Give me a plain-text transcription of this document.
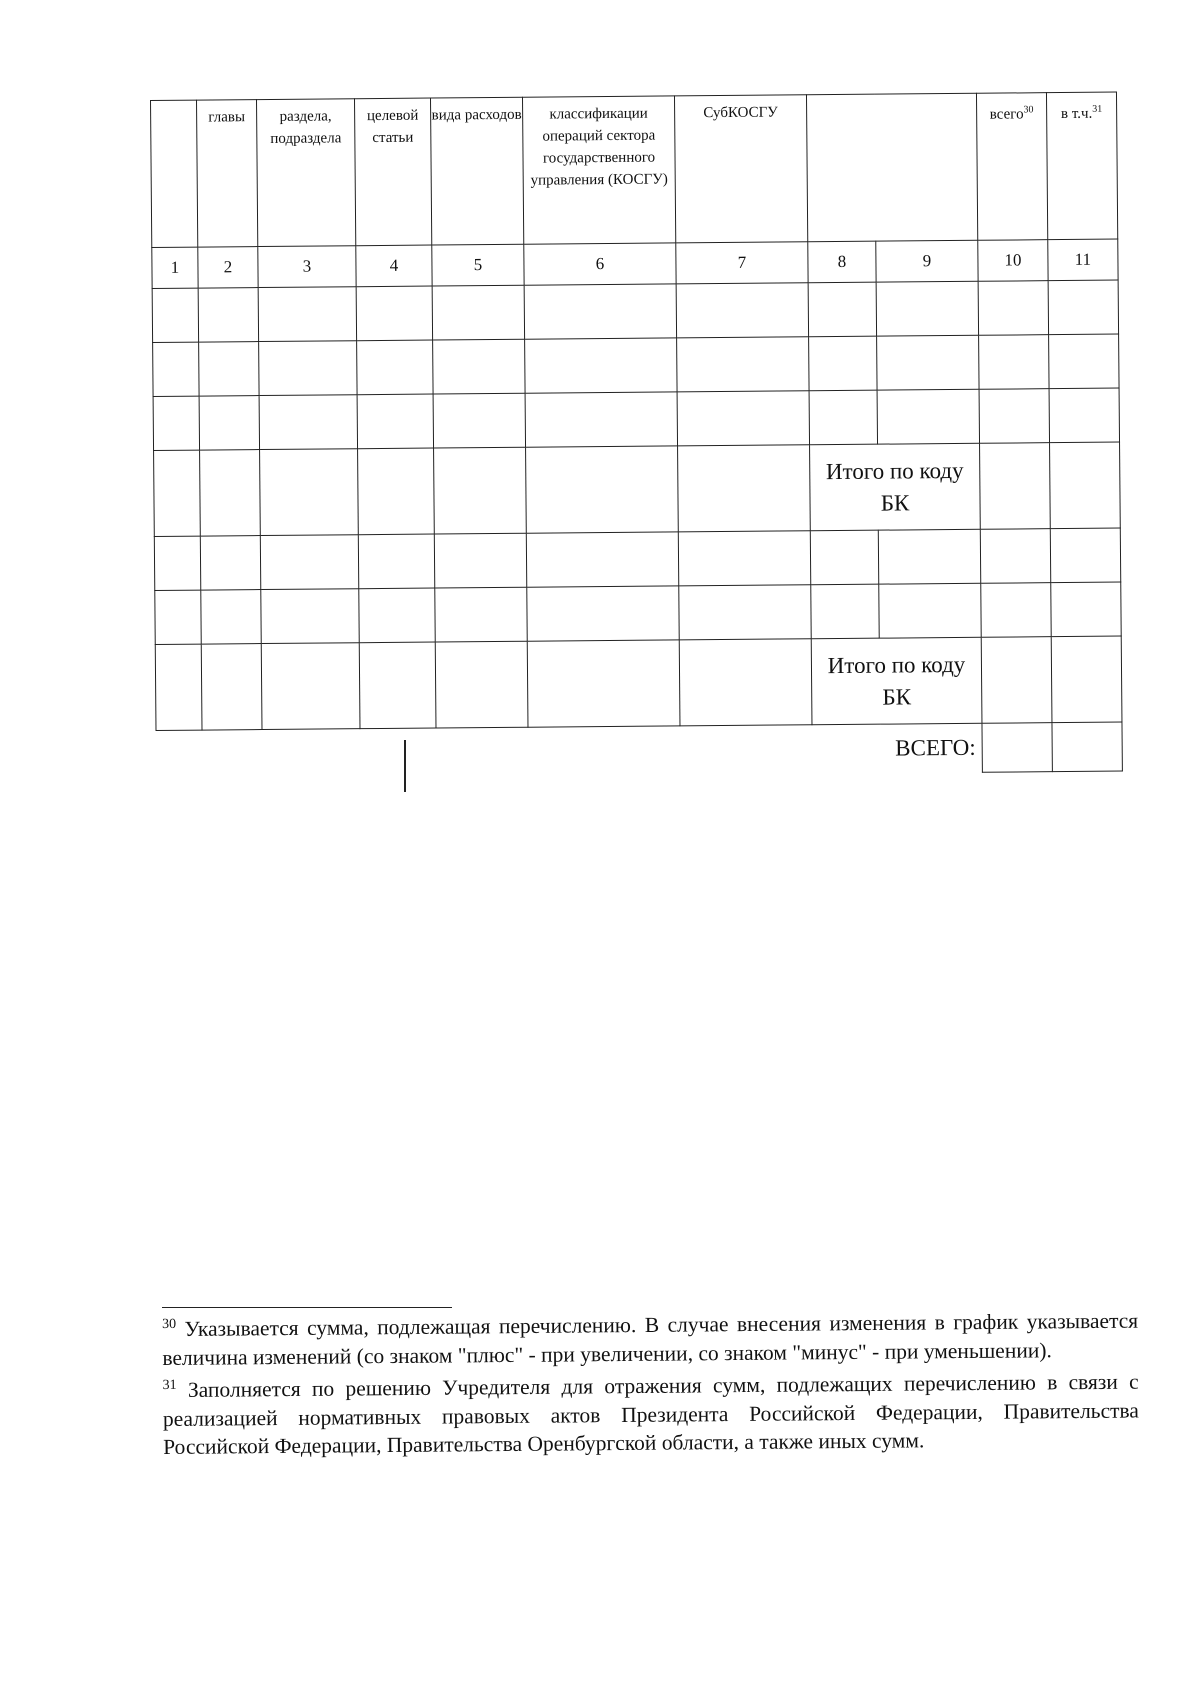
	главы	раздела, подраздела	целевой статьи	вида расходов	классификации операций сектора государственного управления (КОСГУ)	СубКОСГУ		всего$^{30}$	в т.ч.$^{31}$
1	2	3	4	5	6	7	8	9	10	11

							Итого по коду БК		

							Итого по коду БК		

ВСЕГО:

$^{30}$ Указывается сумма, подлежащая перечислению. В случае внесения изменения в график указывается величина изменений (со знаком "плюс" - при увеличении, со знаком "минус" - при уменьшении).

$^{31}$ Заполняется по решению Учредителя для отражения сумм, подлежащих перечислению в связи с реализацией нормативных правовых актов Президента Российской Федерации, Правительства Российской Федерации, Правительства Оренбургской области, а также иных сумм.
